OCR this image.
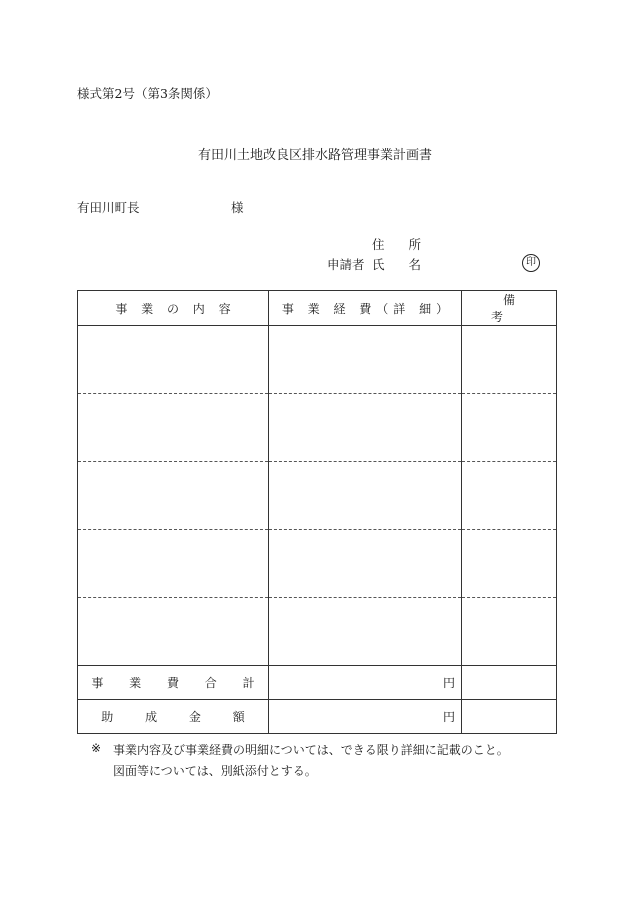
様式第2号（第3条関係）
有田川土地改良区排水路管理事業計画書
有田川町長	様
住 所
申請者 氏 名	印
事 業 の 内 容	事 業 経 費（詳 細）	備 考

事 業 費 合 計	円	
助 成 金 額	円	
※ 事業内容及び事業経費の明細については、できる限り詳細に記載のこと。
図面等については、別紙添付とする。
